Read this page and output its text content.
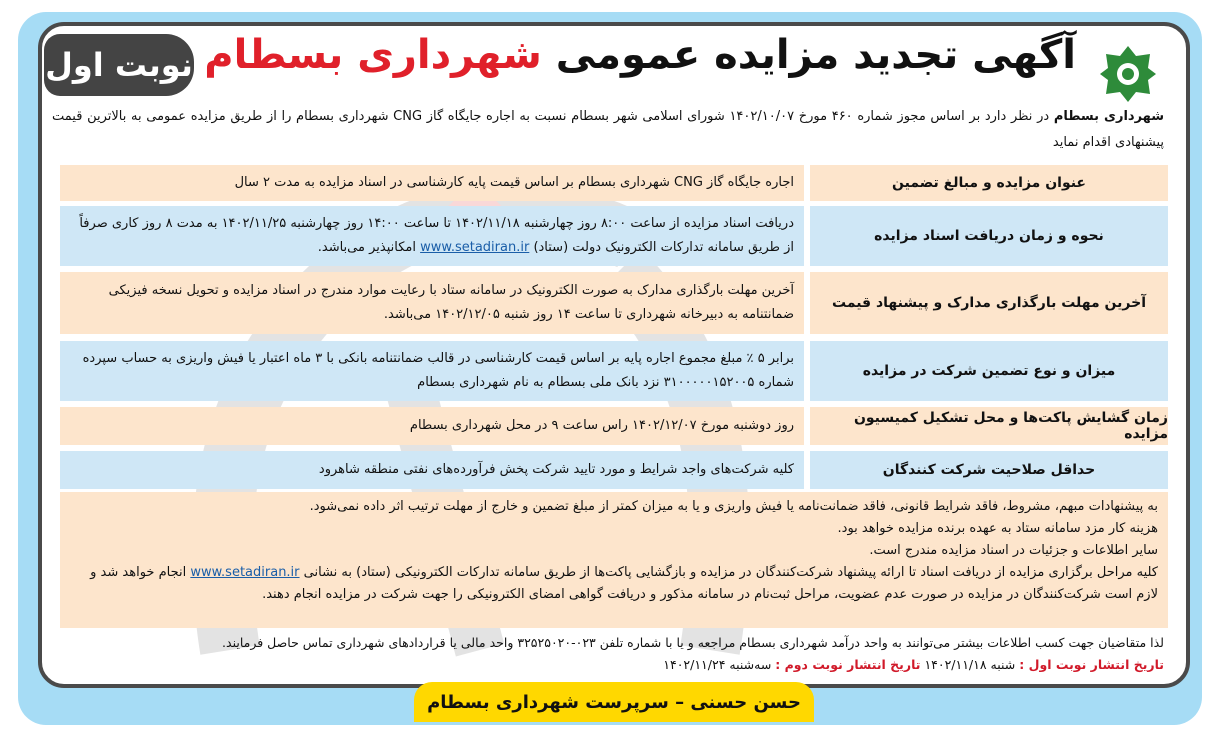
آگهی تجدید مزایده عمومی شهرداری بسطام
نوبت اول
شهرداری بسطام در نظر دارد بر اساس مجوز شماره ۴۶۰ مورخ ۱۴۰۲/۱۰/۰۷ شورای اسلامی شهر بسطام نسبت به اجاره جایگاه گاز CNG شهرداری بسطام را از طریق مزایده عمومی به بالاترین قیمت پیشنهادی اقدام نماید
عنوان مزایده و مبالغ تضمین
اجاره جایگاه گاز CNG شهرداری بسطام بر اساس قیمت پایه کارشناسی در اسناد مزایده به مدت ۲ سال
نحوه و زمان دریافت اسناد مزایده
دریافت اسناد مزایده از ساعت ۸:۰۰ روز چهارشنبه ۱۴۰۲/۱۱/۱۸ تا ساعت ۱۴:۰۰ روز چهارشنبه ۱۴۰۲/۱۱/۲۵ به مدت ۸ روز کاری صرفاً از طریق سامانه تدارکات الکترونیک دولت (ستاد) www.setadiran.ir امکانپذیر می‌باشد.
آخرین مهلت بارگذاری مدارک و پیشنهاد قیمت
آخرین مهلت بارگذاری مدارک به صورت الکترونیک در سامانه ستاد با رعایت موارد مندرج در اسناد مزایده و تحویل نسخه فیزیکی ضمانتنامه به دبیرخانه شهرداری تا ساعت ۱۴ روز شنبه ۱۴۰۲/۱۲/۰۵ می‌باشد.
میزان و نوع تضمین شرکت در مزایده
برابر ۵ ٪ مبلغ مجموع اجاره پایه بر اساس قیمت کارشناسی در قالب ضمانتنامه بانکی با ۳ ماه اعتبار یا فیش واریزی به حساب سپرده شماره ۳۱۰۰۰۰۰۱۵۲۰۰۵ نزد بانک ملی بسطام به نام شهرداری بسطام
زمان گشایش پاکت‌ها و محل تشکیل کمیسیون مزایده
روز دوشنبه مورخ ۱۴۰۲/۱۲/۰۷ راس ساعت ۹ در محل شهرداری بسطام
حداقل صلاحیت شرکت کنندگان
کلیه شرکت‌های واجد شرایط و مورد تایید شرکت پخش فرآورده‌های نفتی منطقه شاهرود
به پیشنهادات مبهم، مشروط، فاقد شرایط قانونی، فاقد ضمانت‌نامه یا فیش واریزی و یا به میزان کمتر از مبلغ تضمین و خارج از مهلت ترتیب اثر داده نمی‌شود.
هزینه کار مزد سامانه ستاد به عهده برنده مزایده خواهد بود.
سایر اطلاعات و جزئیات در اسناد مزایده مندرج است.
کلیه مراحل برگزاری مزایده از دریافت اسناد تا ارائه پیشنهاد شرکت‌کنندگان در مزایده و بازگشایی پاکت‌ها از طریق سامانه تدارکات الکترونیکی (ستاد) به نشانی www.setadiran.ir انجام خواهد شد و لازم است شرکت‌کنندگان در مزایده در صورت عدم عضویت، مراحل ثبت‌نام در سامانه مذکور و دریافت گواهی امضای الکترونیکی را جهت شرکت در مزایده انجام دهند.
لذا متقاضیان جهت کسب اطلاعات بیشتر می‌توانند به واحد درآمد شهرداری بسطام مراجعه و یا با شماره تلفن ۰۲۳-۳۲۵۲۵۰۲۰ واحد مالی یا قراردادهای شهرداری تماس حاصل فرمایند.
تاریخ انتشار نوبت اول : شنبه ۱۴۰۲/۱۱/۱۸ تاریخ انتشار نوبت دوم : سه‌شنبه ۱۴۰۲/۱۱/۲۴
حسن حسنی – سرپرست شهرداری بسطام
